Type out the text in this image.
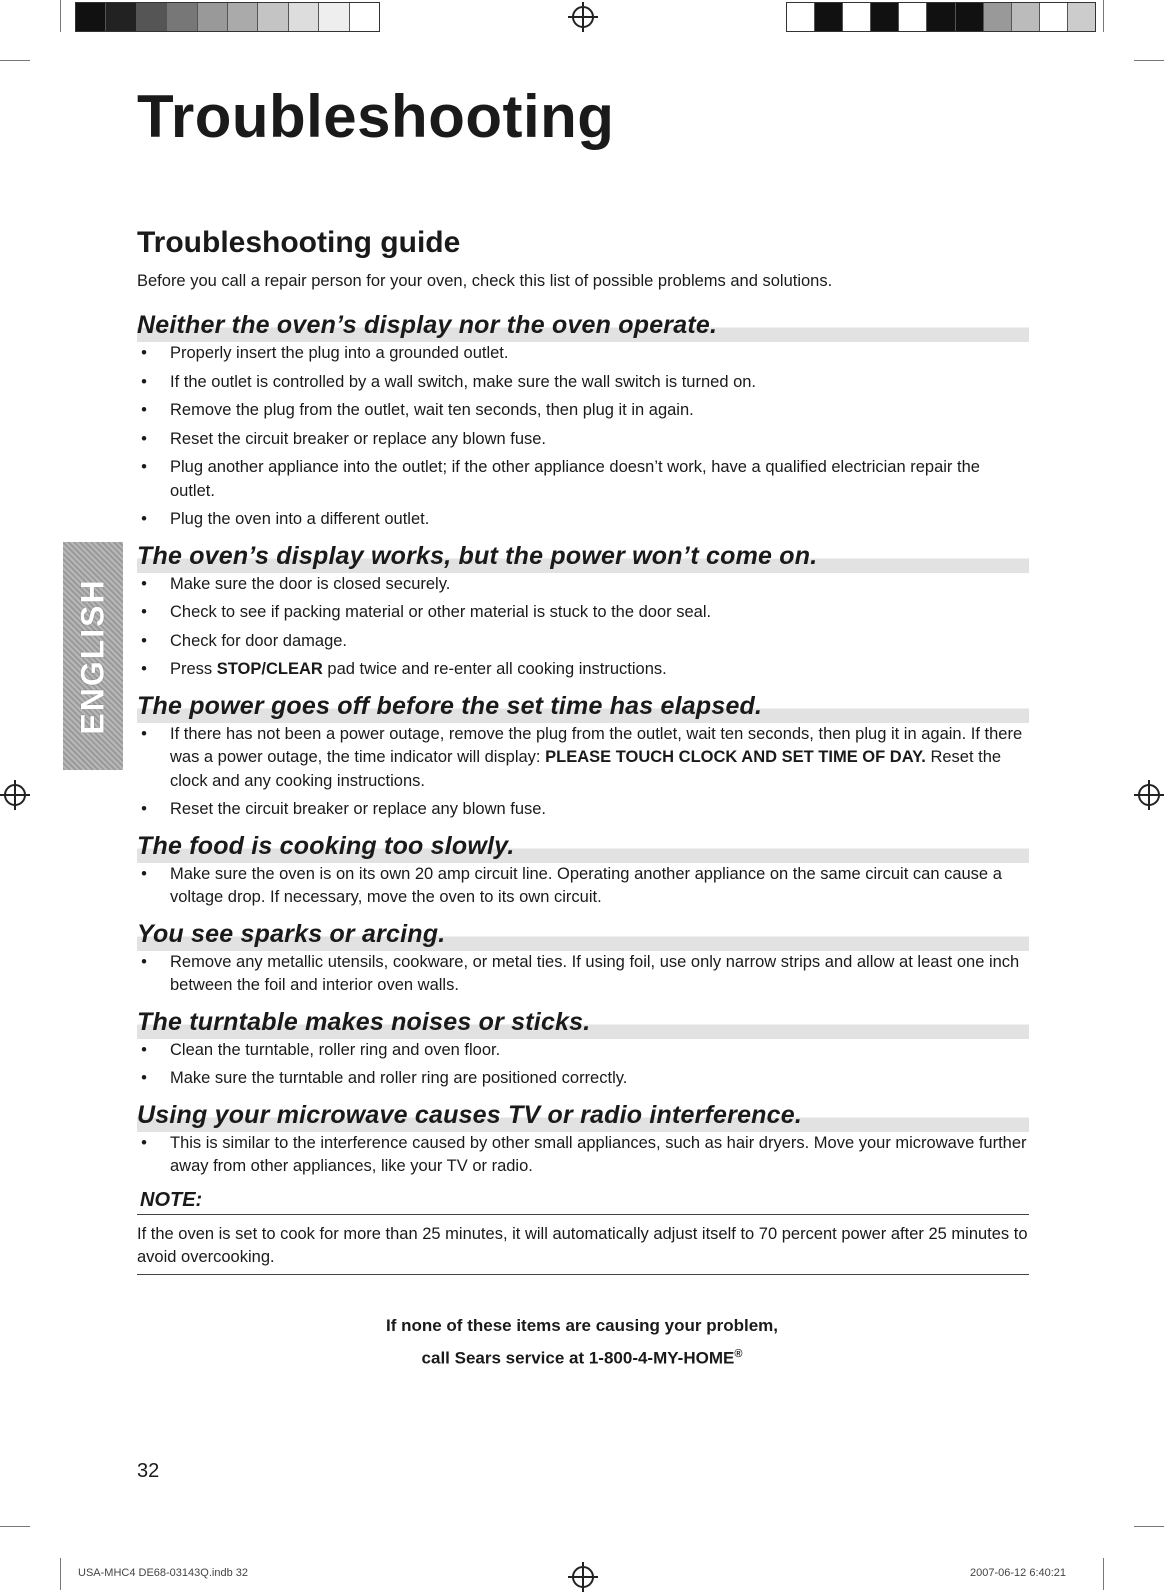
Troubleshooting
Troubleshooting guide

Before you call a repair person for your oven, check this list of possible problems and solutions.

ENGLISH
Neither the oven’s display nor the oven operate.
• Properly insert the plug into a grounded outlet.
• If the outlet is controlled by a wall switch, make sure the wall switch is turned on.
• Remove the plug from the outlet, wait ten seconds, then plug it in again.
• Reset the circuit breaker or replace any blown fuse.
• Plug another appliance into the outlet; if the other appliance doesn’t work, have a qualified electrician repair the outlet.
• Plug the oven into a different outlet.
The oven’s display works, but the power won’t come on.
• Make sure the door is closed securely.
• Check to see if packing material or other material is stuck to the door seal.
• Check for door damage.
• Press STOP/CLEAR pad twice and re-enter all cooking instructions.
The power goes off before the set time has elapsed.
• If there has not been a power outage, remove the plug from the outlet, wait ten seconds, then plug it in again. If there was a power outage, the time indicator will display: PLEASE TOUCH CLOCK AND SET TIME OF DAY. Reset the clock and any cooking instructions.
• Reset the circuit breaker or replace any blown fuse.
The food is cooking too slowly.
• Make sure the oven is on its own 20 amp circuit line. Operating another appliance on the same circuit can cause a voltage drop. If necessary, move the oven to its own circuit.
You see sparks or arcing.
• Remove any metallic utensils, cookware, or metal ties. If using foil, use only narrow strips and allow at least one inch between the foil and interior oven walls.
The turntable makes noises or sticks.
• Clean the turntable, roller ring and oven floor.
• Make sure the turntable and roller ring are positioned correctly.
Using your microwave causes TV or radio interference.
• This is similar to the interference caused by other small appliances, such as hair dryers. Move your microwave further away from other appliances, like your TV or radio.
NOTE:

If the oven is set to cook for more than 25 minutes, it will automatically adjust itself to 70 percent power after 25 minutes to avoid overcooking.

If none of these items are causing your problem,
call Sears service at 1-800-4-MY-HOME®

32

USA-MHC4 DE68-03143Q.indb 32	2007-06-12 6:40:21
